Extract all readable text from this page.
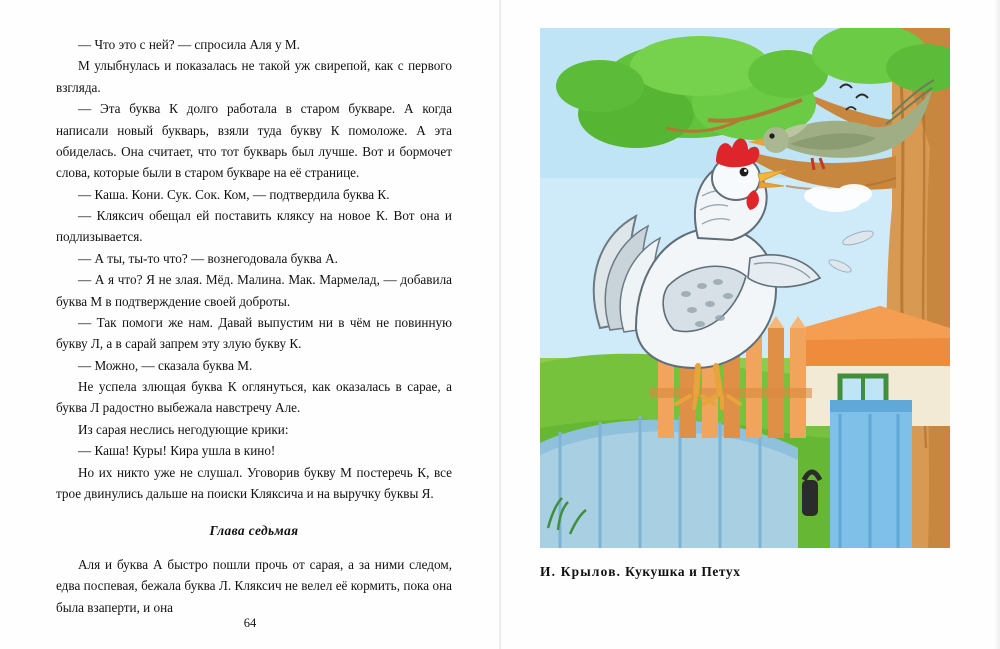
— Что это с ней? — спросила Аля у М.

М улыбнулась и показалась не такой уж свирепой, как с первого взгляда.

— Эта буква К долго работала в старом букваре. А когда написали новый букварь, взяли туда букву К помоложе. А эта обиделась. Она считает, что тот букварь был лучше. Вот и бормочет слова, которые были в старом букваре на её странице.

— Каша. Кони. Сук. Сок. Ком, — подтвердила буква К.

— Кляксич обещал ей поставить кляксу на новое К. Вот она и подлизывается.

— А ты, ты-то что? — вознегодовала буква А.

— А я что? Я не злая. Мёд. Малина. Мак. Мармелад, — добавила буква М в подтверждение своей доброты.

— Так помоги же нам. Давай выпустим ни в чём не повинную букву Л, а в сарай запрем эту злую букву К.

— Можно, — сказала буква М.

Не успела злющая буква К оглянуться, как оказалась в сарае, а буква Л радостно выбежала навстречу Але.

Из сарая неслись негодующие крики:

— Каша! Куры! Кира ушла в кино!

Но их никто уже не слушал. Уговорив букву М постеречь К, все трое двинулись дальше на поиски Кляксича и на выручку буквы Я.

Глава седьмая

Аля и буква А быстро пошли прочь от сарая, а за ними следом, едва поспевая, бежала буква Л. Кляксич не велел её кормить, пока она была взаперти, и она

64
И. Крылов. Кукушка и Петух
